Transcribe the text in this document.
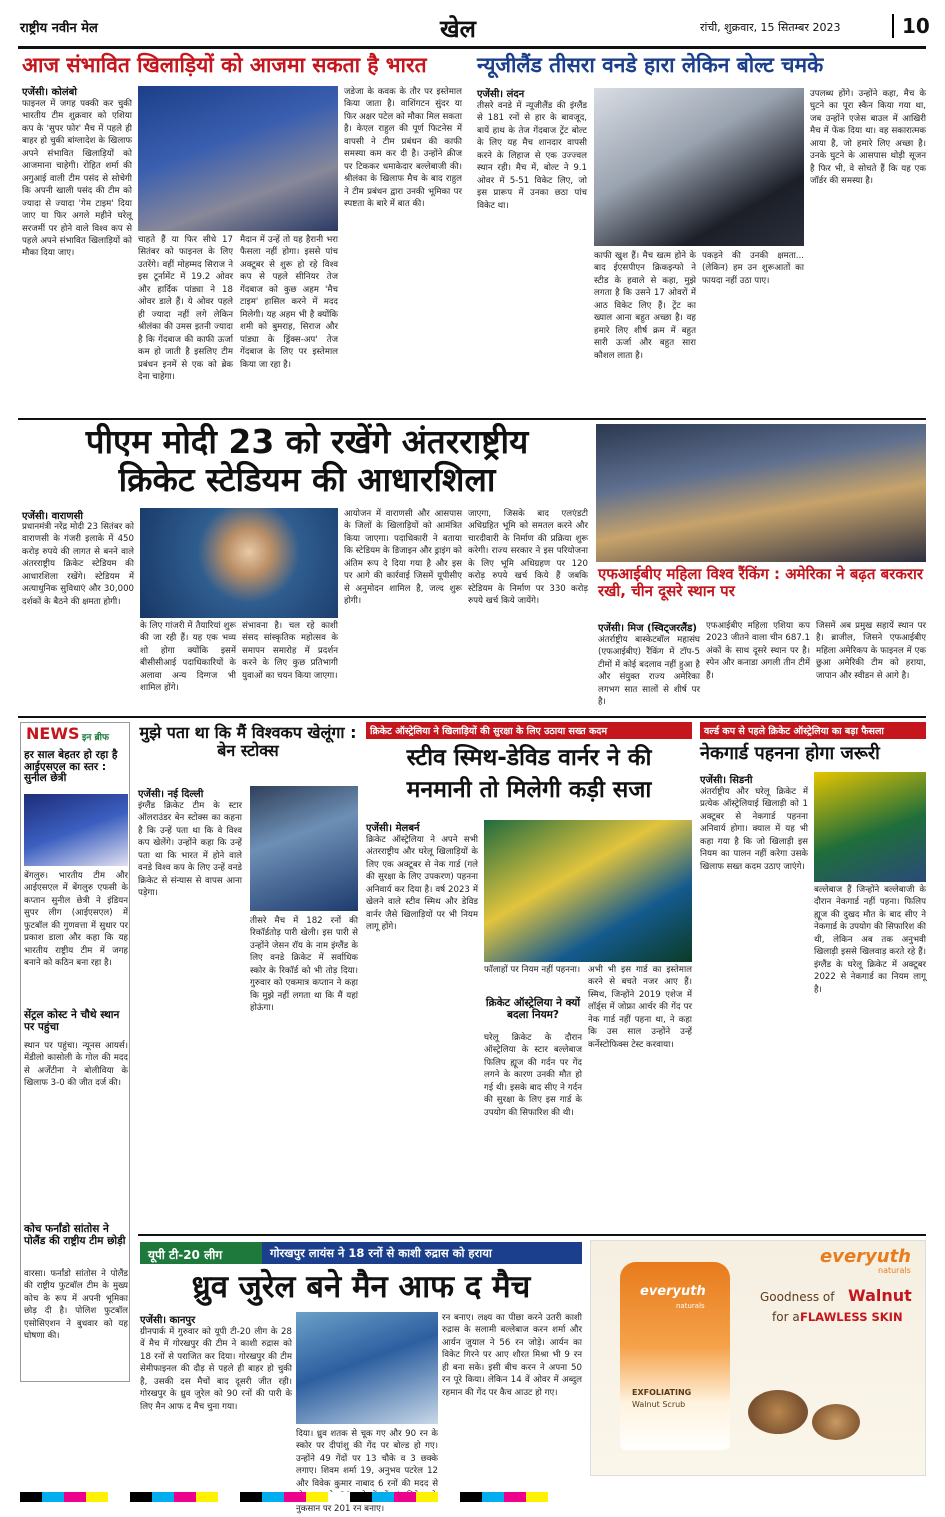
राष्ट्रीय नवीन मेल	खेल	रांची, शुक्रवार, 15 सितम्बर 2023	10
आज संभावित खिलाड़ियों को आजमा सकता है भारत
एजेंसी। कोलंबो
फाइनल में जगह पक्की कर चुकी भारतीय टीम शुक्रवार को एशिया कप के 'सुपर फोर' मैच में पहले ही बाहर हो चुकी बांग्लादेश के खिलाफ अपने संभावित खिलाड़ियों को आजमाना चाहेगी। रोहित शर्मा की अगुआई वाली टीम पसंद से सोचेगी कि अपनी खाली पसंद की टीम को ज्यादा से ज्यादा 'गेम टाइम' दिया जाए या फिर अगले महीने घरेलू सरजमीं पर होने वाले विश्व कप से पहले अपने संभावित खिलाड़ियों को मौका दिया जाए।
चाहते हैं या फिर सीधे 17 सितंबर को फाइनल के लिए उतरेंगे। वहीं मोहम्मद सिराज ने इस टूर्नामेंट में 19.2 ओवर और हार्दिक पांड्या ने 18 ओवर डाले हैं। ये ओवर पहले ही ज्यादा नहीं लगे लेकिन श्रीलंका की उमस इतनी ज्यादा है कि गेंदबाज की काफी ऊर्जा कम हो जाती है इसलिए टीम प्रबंधन इनमें से एक को ब्रेक देना चाहेगा।
मैदान में उन्हें तो यह हैरानी भरा फैसला नहीं होगा। इससे पांच अक्टूबर से शुरू हो रहे विश्व कप से पहले सीनियर तेज गेंदबाज को कुछ अहम 'मैच टाइम' हासिल करने में मदद मिलेगी। यह अहम भी है क्योंकि शमी को बुमराह, सिराज और पांड्या के ड्रिंक्स-अप' तेज गेंदबाज के लिए पर इस्तेमाल किया जा रहा है।
जडेजा के कवक के तौर पर इस्तेमाल किया जाता है। वाशिंगटन सुंदर या फिर अक्षर पटेल को मौका मिल सकता है। केएल राहुल की पूर्ण फिटनेस में वापसी ने टीम प्रबंधन की काफी समस्या कम कर दी है। उन्होंने क्रीज पर टिककर धमाकेदार बल्लेबाजी की। श्रीलंका के खिलाफ मैच के बाद राहुल ने टीम प्रबंधन द्वारा उनकी भूमिका पर स्पष्टता के बारे में बात की।
न्यूजीलैंड तीसरा वनडे हारा लेकिन बोल्ट चमके
एजेंसी। लंदन
तीसरे वनडे में न्यूजीलैंड की इंग्लैंड से 181 रनों से हार के बावजूद, बायें हाथ के तेज गेंदबाज ट्रेंट बोल्ट के लिए यह मैच शानदार वापसी करने के लिहाज से एक उज्ज्वल स्थान रही। मैच में, बोल्ट ने 9.1 ओवर में 5-51 विकेट लिए, जो इस प्रारूप में उनका छठा पांच विकेट था।
काफी खुश हैं। मैच खत्म होने के बाद ईएसपीएन क्रिकइन्फो ने स्टीड के हवाले से कहा, मुझे लगता है कि उसने 17 ओवरों में आठ विकेट लिए हैं। ट्रेंट का ख्याल आना बहुत अच्छा है। वह हमारे लिए शीर्ष क्रम में बहुत सारी ऊर्जा और बहुत सारा कौशल लाता है।
पकड़ने की उनकी क्षमता... (लेकिन) हम उन शुरूआतों का फायदा नहीं उठा पाए।
उपलब्ध होंगे। उन्होंने कहा, मैच के घुटने का पूरा स्कैन किया गया था, जब उन्होंने एजेस बाउल में आखिरी मैच में फेंक दिया था। वह सकारात्मक आया है, जो हमारे लिए अच्छा है। उनके घुटने के आसपास थोड़ी सूजन है फिर भी, वे सोचते हैं कि यह एक जॉर्डर की समस्या है।
पीएम मोदी 23 को रखेंगे अंतरराष्ट्रीय
क्रिकेट स्टेडियम की आधारशिला
एजेंसी। वाराणसी
प्रधानमंत्री नरेंद्र मोदी 23 सितंबर को वाराणसी के गंजरी इलाके में 450 करोड़ रुपये की लागत से बनने वाले अंतरराष्ट्रीय क्रिकेट स्टेडियम की आधारशिला रखेंगे। स्टेडियम में अत्याधुनिक सुविधाएं और 30,000 दर्शकों के बैठने की क्षमता होगी।
के लिए गांजरी में तैयारियां शुरू की जा रही हैं। यह एक भव्य शो होगा क्योंकि इसमें बीसीसीआई पदाधिकारियों के अलावा अन्य दिग्गज भी शामिल होंगे।
संभावना है। चल रहे काशी संसद सांस्कृतिक महोत्सव के समापन समारोह में प्रदर्शन करने के लिए कुछ प्रतिभागी युवाओं का चयन किया जाएगा।
आयोजन में वाराणसी और आसपास के जिलों के खिलाड़ियों को आमंत्रित किया जाएगा। पदाधिकारी ने बताया कि स्टेडियम के डिजाइन और ड्राइंग को अंतिम रूप दे दिया गया है और इस पर आगे की कार्रवाई जिसमें यूपीसीए से अनुमोदन शामिल है, जल्द शुरू होगी।
जाएगा, जिसके बाद एलएंडटी अधिग्रहित भूमि को समतल करने और चारदीवारी के निर्माण की प्रक्रिया शुरू करेगी। राज्य सरकार ने इस परियोजना के लिए भूमि अधिग्रहण पर 120 करोड़ रुपये खर्च किये हैं जबकि स्टेडियम के निर्माण पर 330 करोड़ रुपये खर्च किये जायेंगे।
एफआईबीए महिला विश्व रैंकिंग : अमेरिका ने बढ़त बरकरार रखी, चीन दूसरे स्थान पर
एजेंसी। मिज (स्विट्जरलैंड)
अंतर्राष्ट्रीय बास्केटबॉल महासंघ (एफआईबीए) रैंकिंग में टॉप-5 टीमों में कोई बदलाव नहीं हुआ है और संयुक्त राज्य अमेरिका लगभग सात सालों से शीर्ष पर है।
एफआईबीए महिला एशिया कप 2023 जीतने वाला चीन 687.1 अंकों के साथ दूसरे स्थान पर है। स्पेन और कनाडा अगली तीन टीमें हैं।
जिसमें अब प्रमुख सहायें स्थान पर है। ब्राजील, जिसने एफआईबीए महिला अमेरिकप के फाइनल में एक छुआ अमेरिकी टीम को हराया, जापान और स्वीडन से आगे है।
NEWS इन ब्रीफ
हर साल बेहतर हो रहा है आईएसएल का स्तर : सुनील छेत्री
बेंगलुरु। भारतीय टीम और आईएसएल में बेंगलुरु एफसी के कप्तान सुनील छेत्री ने इंडियन सुपर लीग (आईएसएल) में फुटबॉल की गुणवत्ता में सुधार पर प्रकाश डाला और कहा कि यह भारतीय राष्ट्रीय टीम में जगह बनाने को कठिन बना रहा है।
सेंट्रल कोस्ट ने चौथे स्थान पर पहुंचा
स्थान पर पहुंचा। न्यूनस आयर्स। मेंडीलो कासोली के गोल की मदद से अर्जेंटीना ने बोलीविया के खिलाफ 3-0 की जीत दर्ज की।
कोच फर्नांडो सांतोस ने पोलैंड की राष्ट्रीय टीम छोड़ी
वारसा। फर्नांडो सांतोस ने पोलैंड की राष्ट्रीय फुटबॉल टीम के मुख्य कोच के रूप में अपनी भूमिका छोड़ दी है। पोलिश फुटबॉल एसोसिएशन ने बुधवार को यह घोषणा की।
मुझे पता था कि मैं विश्वकप खेलूंगा : बेन स्टोक्स
एजेंसी। नई दिल्ली
इंग्लैंड क्रिकेट टीम के स्टार ऑलराउंडर बेन स्टोक्स का कहना है कि उन्हें पता था कि वे विश्व कप खेलेंगे। उन्होंने कहा कि उन्हें पता था कि भारत में होने वाले वनडे विश्व कप के लिए उन्हें वनडे क्रिकेट से संन्यास से वापस आना पड़ेगा।
तीसरे मैच में 182 रनों की रिकॉर्डतोड़ पारी खेली। इस पारी से उन्होंने जेसन रॉय के नाम इंग्लैंड के लिए वनडे क्रिकेट में सर्वाधिक स्कोर के रिकॉर्ड को भी तोड़ दिया। गुरुवार को एकमात्र कप्तान ने कहा कि मुझे नहीं लगता था कि मैं यहां होऊंगा।
क्रिकेट ऑस्ट्रेलिया ने खिलाड़ियों की सुरक्षा के लिए उठाया सख्त कदम
स्टीव स्मिथ-डेविड वार्नर ने की
मनमानी तो मिलेगी कड़ी सजा
एजेंसी। मेलबर्न
क्रिकेट ऑस्ट्रेलिया ने अपने सभी अंतरराष्ट्रीय और घरेलू खिलाड़ियों के लिए एक अक्टूबर से नेक गार्ड (गले की सुरक्षा के लिए उपकरण) पहनना अनिवार्य कर दिया है। वर्ष 2023 में खेलने वाले स्टीव स्मिथ और डेविड वार्नर जैसे खिलाड़ियों पर भी नियम लागू होंगे।
फॉलाहों पर नियम नहीं पहनना।
क्रिकेट ऑस्ट्रेलिया ने क्यों बदला नियम?
घरेलू क्रिकेट के दौरान ऑस्ट्रेलिया के स्टार बल्लेबाज फिलिप ह्यूज की गर्दन पर गेंद लगने के कारण उनकी मौत हो गई थी। इसके बाद सीए ने गर्दन की सुरक्षा के लिए इस गार्ड के उपयोग की सिफारिश की थी।
अभी भी इस गार्ड का इस्तेमाल करने से बचते नजर आए हैं। स्मिथ, जिन्होंने 2019 एशेज में लॉर्ड्स में जोफ्रा आर्चर की गेंद पर नेक गार्ड नहीं पहना था, ने कहा कि उस साल उन्होंने उन्हें कर्नेस्टोफिक्स टेस्ट करवाया।
वर्ल्ड कप से पहले क्रिकेट ऑस्ट्रेलिया का बड़ा फैसला
नेकगार्ड पहनना होगा जरूरी
एजेंसी। सिडनी
अंतर्राष्ट्रीय और घरेलू क्रिकेट में प्रत्येक ऑस्ट्रेलियाई खिलाड़ी को 1 अक्टूबर से नेकगार्ड पहनना अनिवार्य होगा। क्याल में यह भी कहा गया है कि जो खिलाड़ी इस नियम का पालन नहीं करेगा उसके खिलाफ सख्त कदम उठाए जाएंगे।
बल्लेबाज हैं जिन्होंने बल्लेबाजी के दौरान नेकगार्ड नहीं पहना। फिलिप ह्यूज की दुखद मौत के बाद सीए ने नेकगार्ड के उपयोग की सिफारिश की थी, लेकिन अब तक अनुभवी खिलाड़ी इससे खिलवाड़ करते रहे हैं। इंग्लैंड के घरेलू क्रिकेट में अक्टूबर 2022 से नेकगार्ड का नियम लागू है।
यूपी टी-20 लीग	गोरखपुर लायंस ने 18 रनों से काशी रुद्रास को हराया
ध्रुव जुरेल बने मैन आफ द मैच
एजेंसी। कानपुर
ग्रीनपार्क में गुरुवार को यूपी टी-20 लीग के 28 वें मैच में गोरखपुर की टीम ने काशी रुद्रास को 18 रनों से पराजित कर दिया। गोरखपुर की टीम सेमीफाइनल की दौड़ से पहले ही बाहर हो चुकी है, उसकी दस मैचों बाद दूसरी जीत रही। गोरखपुर के ध्रुव जुरेल को 90 रनों की पारी के लिए मैन आफ द मैच चुना गया।
दिया। ध्रुव शतक से चूक गए और 90 रन के स्कोर पर दीपांशु की गेंद पर बोल्ड हो गए। उन्होंने 49 गेंदों पर 13 चौके व 3 छक्के लगाए। शिवम शर्मा 19, अनुभव पटरेल 12 और विवेक कुमार नाबाद 6 रनों की मदद से नुकसान पर 201 रन बनाए।
रन बनाए। लक्ष्य का पीछा करने उतरी काशी रुद्रास के सलामी बल्लेबाज करन शर्मा और आर्यन जुयाल ने 56 रन जोड़े। आर्यन का विकेट गिरने पर आए शौरत मिश्रा भी 9 रन ही बना सके। इसी बीच करन ने अपना 50 रन पूरे किया। लेकिन 14 वें ओवर में अब्दुल रहमान की गेंद पर कैच आउट हो गए।
everyuth
naturals
everyuth
naturals
EXFOLIATING
Walnut Scrub
Goodness of Walnut
for a FLAWLESS SKIN
